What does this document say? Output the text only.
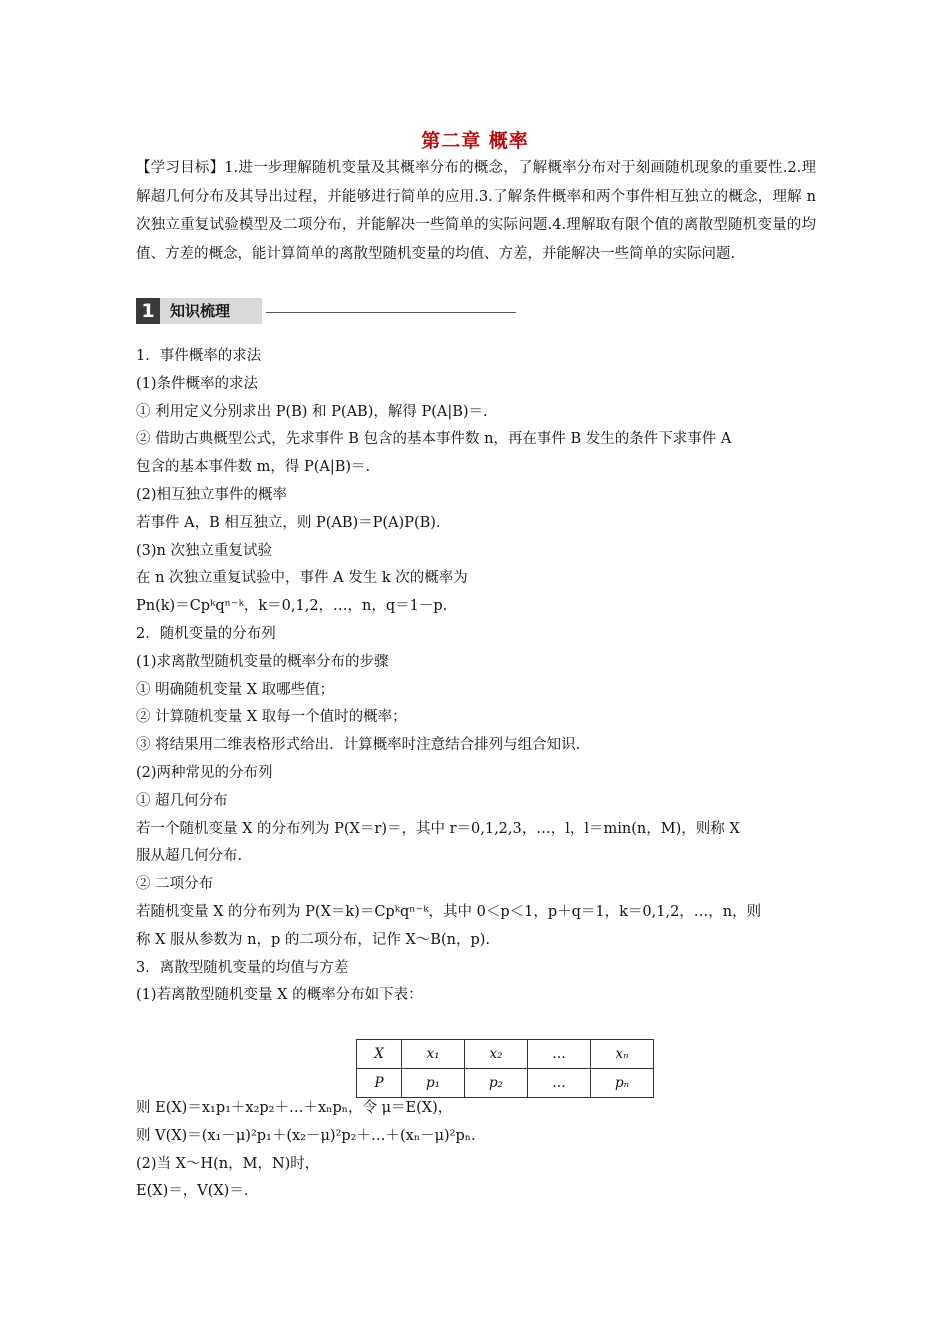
第二章 概率

【学习目标】1.进一步理解随机变量及其概率分布的概念，了解概率分布对于刻画随机现象的重要性.2.理解超几何分布及其导出过程，并能够进行简单的应用.3.了解条件概率和两个事件相互独立的概念，理解 n 次独立重复试验模型及二项分布，并能解决一些简单的实际问题.4.理解取有限个值的离散型随机变量的均值、方差的概念，能计算简单的离散型随机变量的均值、方差，并能解决一些简单的实际问题.

1	知识梳理

1．事件概率的求法

(1)条件概率的求法

① 利用定义分别求出 P(B) 和 P(AB)，解得 P(A|B)＝.

② 借助古典概型公式，先求事件 B 包含的基本事件数 n，再在事件 B 发生的条件下求事件 A

包含的基本事件数 m，得 P(A|B)＝.

(2)相互独立事件的概率

若事件 A，B 相互独立，则 P(AB)＝P(A)P(B).

(3)n 次独立重复试验

在 n 次独立重复试验中，事件 A 发生 k 次的概率为

Pn(k)＝Cpᵏqⁿ⁻ᵏ，k＝0,1,2，…，n，q＝1－p.

2．随机变量的分布列

(1)求离散型随机变量的概率分布的步骤

① 明确随机变量 X 取哪些值；

② 计算随机变量 X 取每一个值时的概率；

③ 将结果用二维表格形式给出．计算概率时注意结合排列与组合知识.

(2)两种常见的分布列

① 超几何分布

若一个随机变量 X 的分布列为 P(X＝r)＝，其中 r＝0,1,2,3，…，l，l＝min(n，M)，则称 X

服从超几何分布.

② 二项分布

若随机变量 X 的分布列为 P(X＝k)＝Cpᵏqⁿ⁻ᵏ，其中 0＜p＜1，p＋q＝1，k＝0,1,2，…，n，则

称 X 服从参数为 n，p 的二项分布，记作 X～B(n，p).

3．离散型随机变量的均值与方差

(1)若离散型随机变量 X 的概率分布如下表：

X	x₁	x₂	…	xₙ
P	p₁	p₂	…	pₙ

则 E(X)＝x₁p₁＋x₂p₂＋…＋xₙpₙ，令 μ＝E(X)，

则 V(X)＝(x₁－μ)²p₁＋(x₂－μ)²p₂＋…＋(xₙ－μ)²pₙ.

(2)当 X～H(n，M，N)时，

E(X)＝，V(X)＝.
